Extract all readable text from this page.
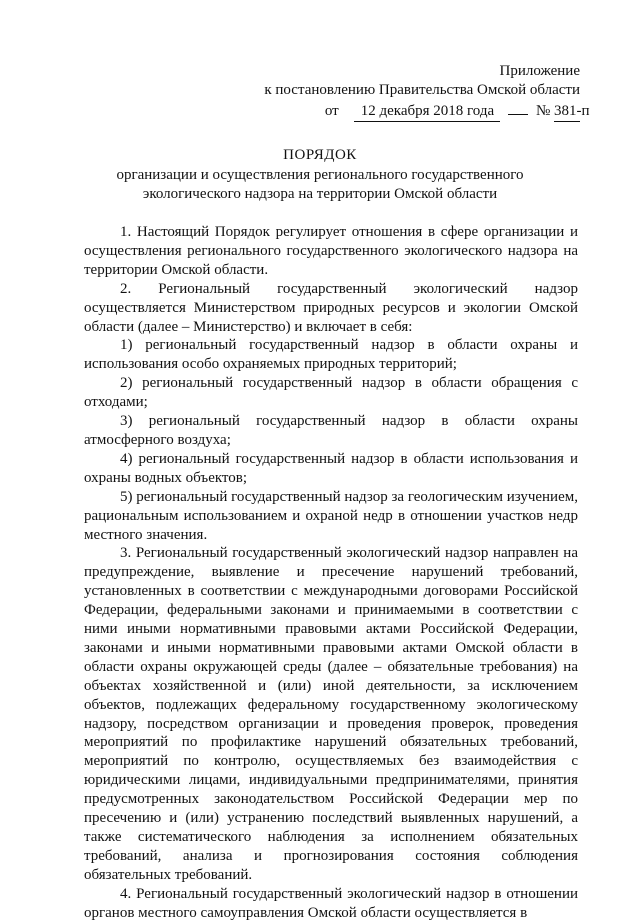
Приложение
к постановлению Правительства Омской области
от 12 декабря 2018 года	№ 381-п
ПОРЯДОК
организации и осуществления регионального государственного
экологического надзора на территории Омской области

1. Настоящий Порядок регулирует отношения в сфере организации и осуществления регионального государственного экологического надзора на территории Омской области.

2. Региональный государственный экологический надзор осуществляется Министерством природных ресурсов и экологии Омской области (далее – Министерство) и включает в себя:

1) региональный государственный надзор в области охраны и использования особо охраняемых природных территорий;

2) региональный государственный надзор в области обращения с отходами;

3) региональный государственный надзор в области охраны атмосферного воздуха;

4) региональный государственный надзор в области использования и охраны водных объектов;

5) региональный государственный надзор за геологическим изучением, рациональным использованием и охраной недр в отношении участков недр местного значения.

3. Региональный государственный экологический надзор направлен на предупреждение, выявление и пресечение нарушений требований, установленных в соответствии с международными договорами Российской Федерации, федеральными законами и принимаемыми в соответствии с ними иными нормативными правовыми актами Российской Федерации, законами и иными нормативными правовыми актами Омской области в области охраны окружающей среды (далее – обязательные требования) на объектах хозяйственной и (или) иной деятельности, за исключением объектов, подлежащих федеральному государственному экологическому надзору, посредством организации и проведения проверок, проведения мероприятий по профилактике нарушений обязательных требований, мероприятий по контролю, осуществляемых без взаимодействия с юридическими лицами, индивидуальными предпринимателями, принятия предусмотренных законодательством Российской Федерации мер по пресечению и (или) устранению последствий выявленных нарушений, а также систематического наблюдения за исполнением обязательных требований, анализа и прогнозирования состояния соблюдения обязательных требований.

4. Региональный государственный экологический надзор в отношении органов местного самоуправления Омской области осуществляется в
